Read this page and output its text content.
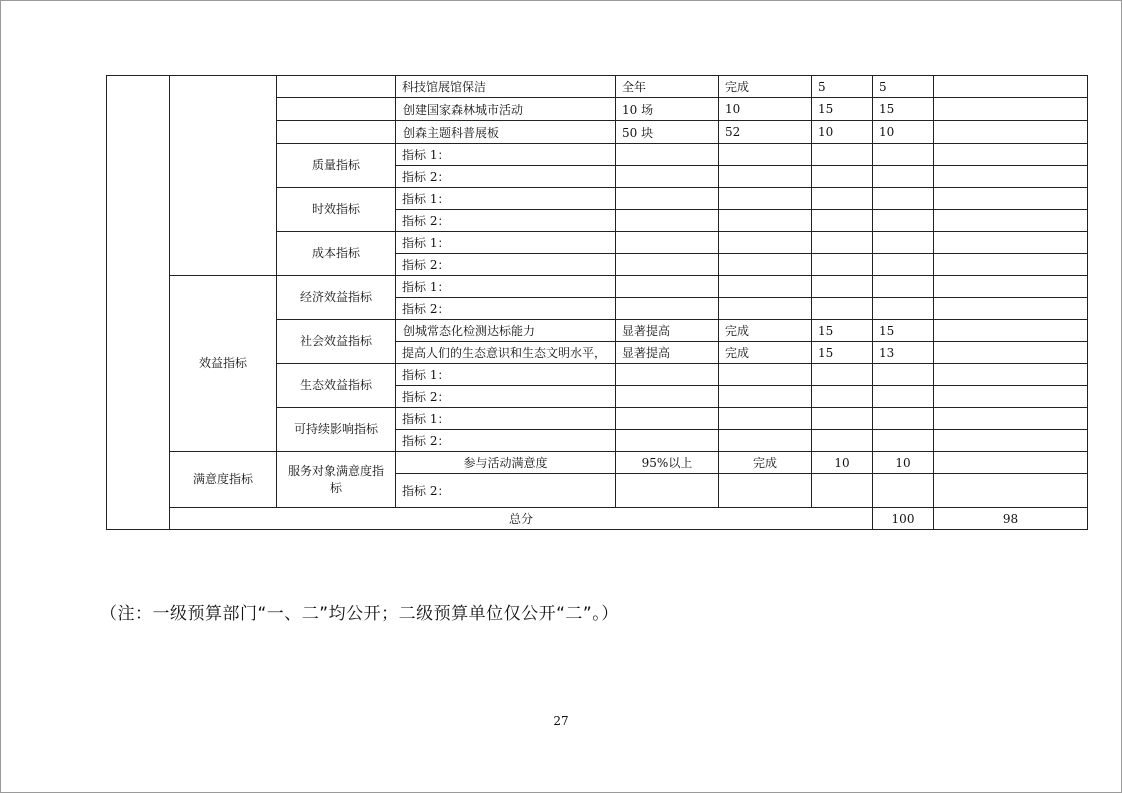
			科技馆展馆保洁	全年	完成	5	5		
			创建国家森林城市活动	10 场	10	15	15		
			创森主题科普展板	50 块	52	10	10		
		质量指标	指标 1：						
			指标 2：						
		时效指标	指标 1：						
			指标 2：						
		成本指标	指标 1：						
			指标 2：						
	效益指标	经济效益指标	指标 1：						
			指标 2：						
		社会效益指标	创城常态化检测达标能力	显著提高	完成	15	15		
			提高人们的生态意识和生态文明水平，	显著提高	完成	15	13		
		生态效益指标	指标 1：						
			指标 2：						
		可持续影响指标	指标 1：						
			指标 2：						
	满意度指标	服务对象满意度指标	参与活动满意度	95%以上	完成	10	10		
			指标 2：						
	总分						100	98	
（注：一级预算部门“一、二”均公开；二级预算单位仅公开“二”。）
27
